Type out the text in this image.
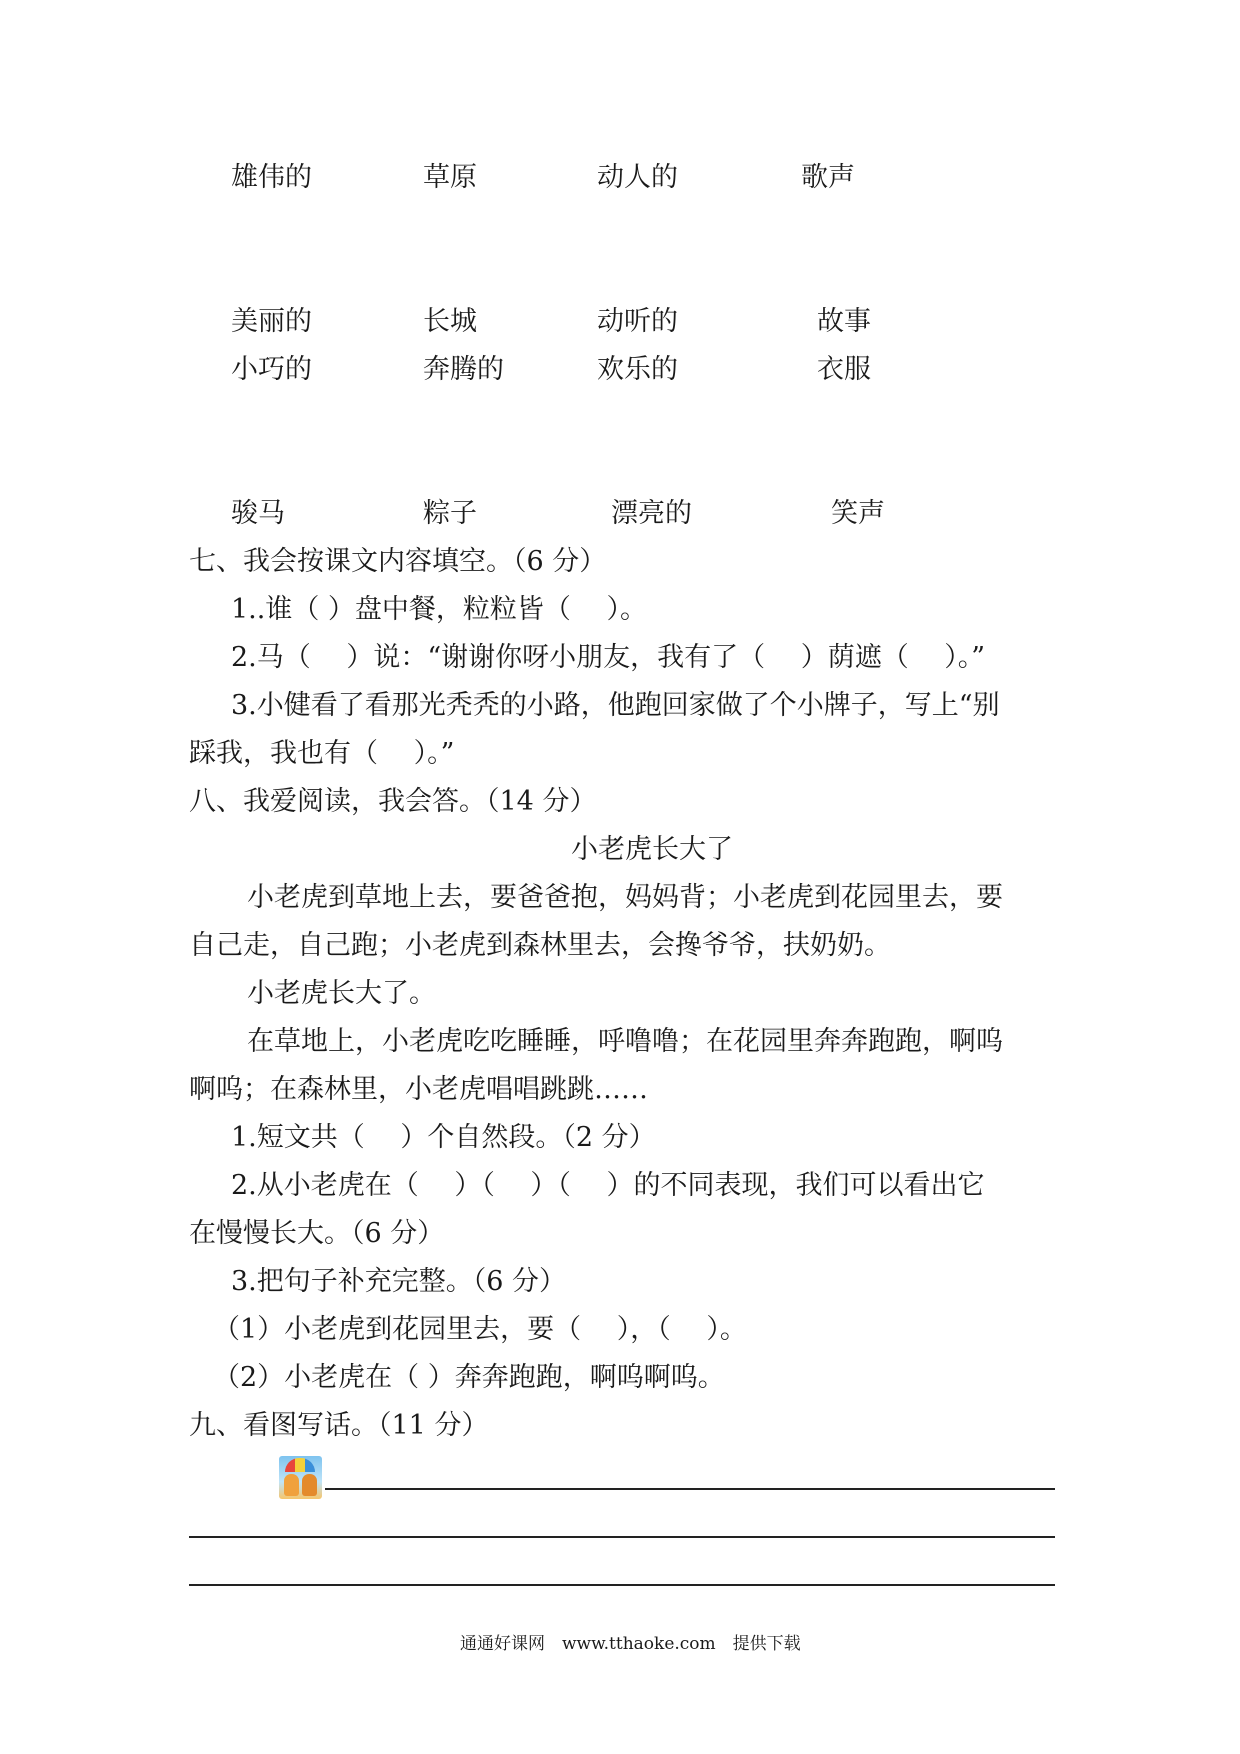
雄伟的	草原	动人的	歌声
美丽的	长城	动听的	故事
小巧的	奔腾的	欢乐的	衣服
骏马	粽子	漂亮的	笑声
七、我会按课文内容填空。（6 分）
1..谁（ ）盘中餐，粒粒皆（　 ）。
2.马（　 ）说：“谢谢你呀小朋友，我有了（　 ）荫遮（　 ）。”
3.小健看了看那光秃秃的小路，他跑回家做了个小牌子，写上“别
踩我，我也有（　 ）。”
八、我爱阅读，我会答。（14 分）
小老虎长大了
小老虎到草地上去，要爸爸抱，妈妈背；小老虎到花园里去，要
自己走，自己跑；小老虎到森林里去，会搀爷爷，扶奶奶。
小老虎长大了。
在草地上，小老虎吃吃睡睡，呼噜噜；在花园里奔奔跑跑，啊呜
啊呜；在森林里，小老虎唱唱跳跳……
1.短文共（　 ）个自然段。（2 分）
2.从小老虎在（　 ）（　 ）（　 ）的不同表现，我们可以看出它
在慢慢长大。（6 分）
3.把句子补充完整。（6 分）
（1）小老虎到花园里去，要（　 ），（　 ）。
（2）小老虎在（ ）奔奔跑跑，啊呜啊呜。
九、看图写话。（11 分）
通通好课网　www.tthaoke.com　提供下载
